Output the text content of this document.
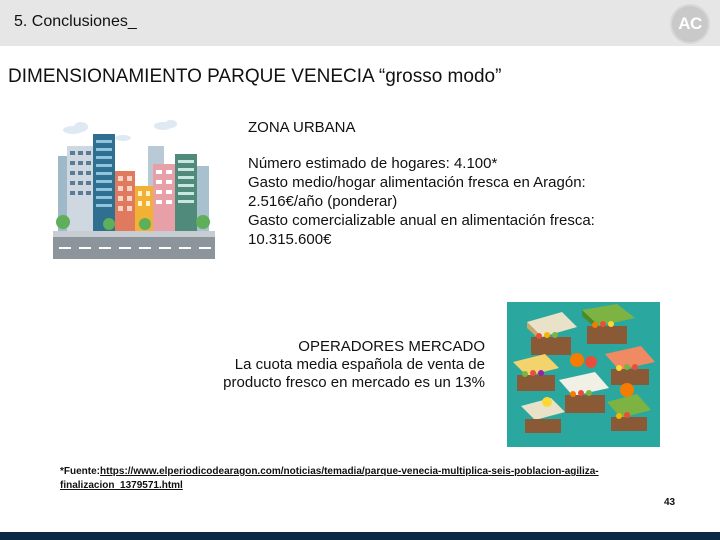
5. Conclusiones_	AC
DIMENSIONAMIENTO PARQUE VENECIA “grosso modo”
ZONA URBANA
Número estimado de hogares: 4.100*
Gasto medio/hogar alimentación fresca en Aragón:
2.516€/año (ponderar)
Gasto comercializable anual en alimentación fresca:
10.315.600€
OPERADORES MERCADO
La cuota media española de venta de
producto fresco en mercado es un 13%
*Fuente:https://www.elperiodicodearagon.com/noticias/temadia/parque-venecia-multiplica-seis-poblacion-agiliza-
finalizacion_1379571.html
43
